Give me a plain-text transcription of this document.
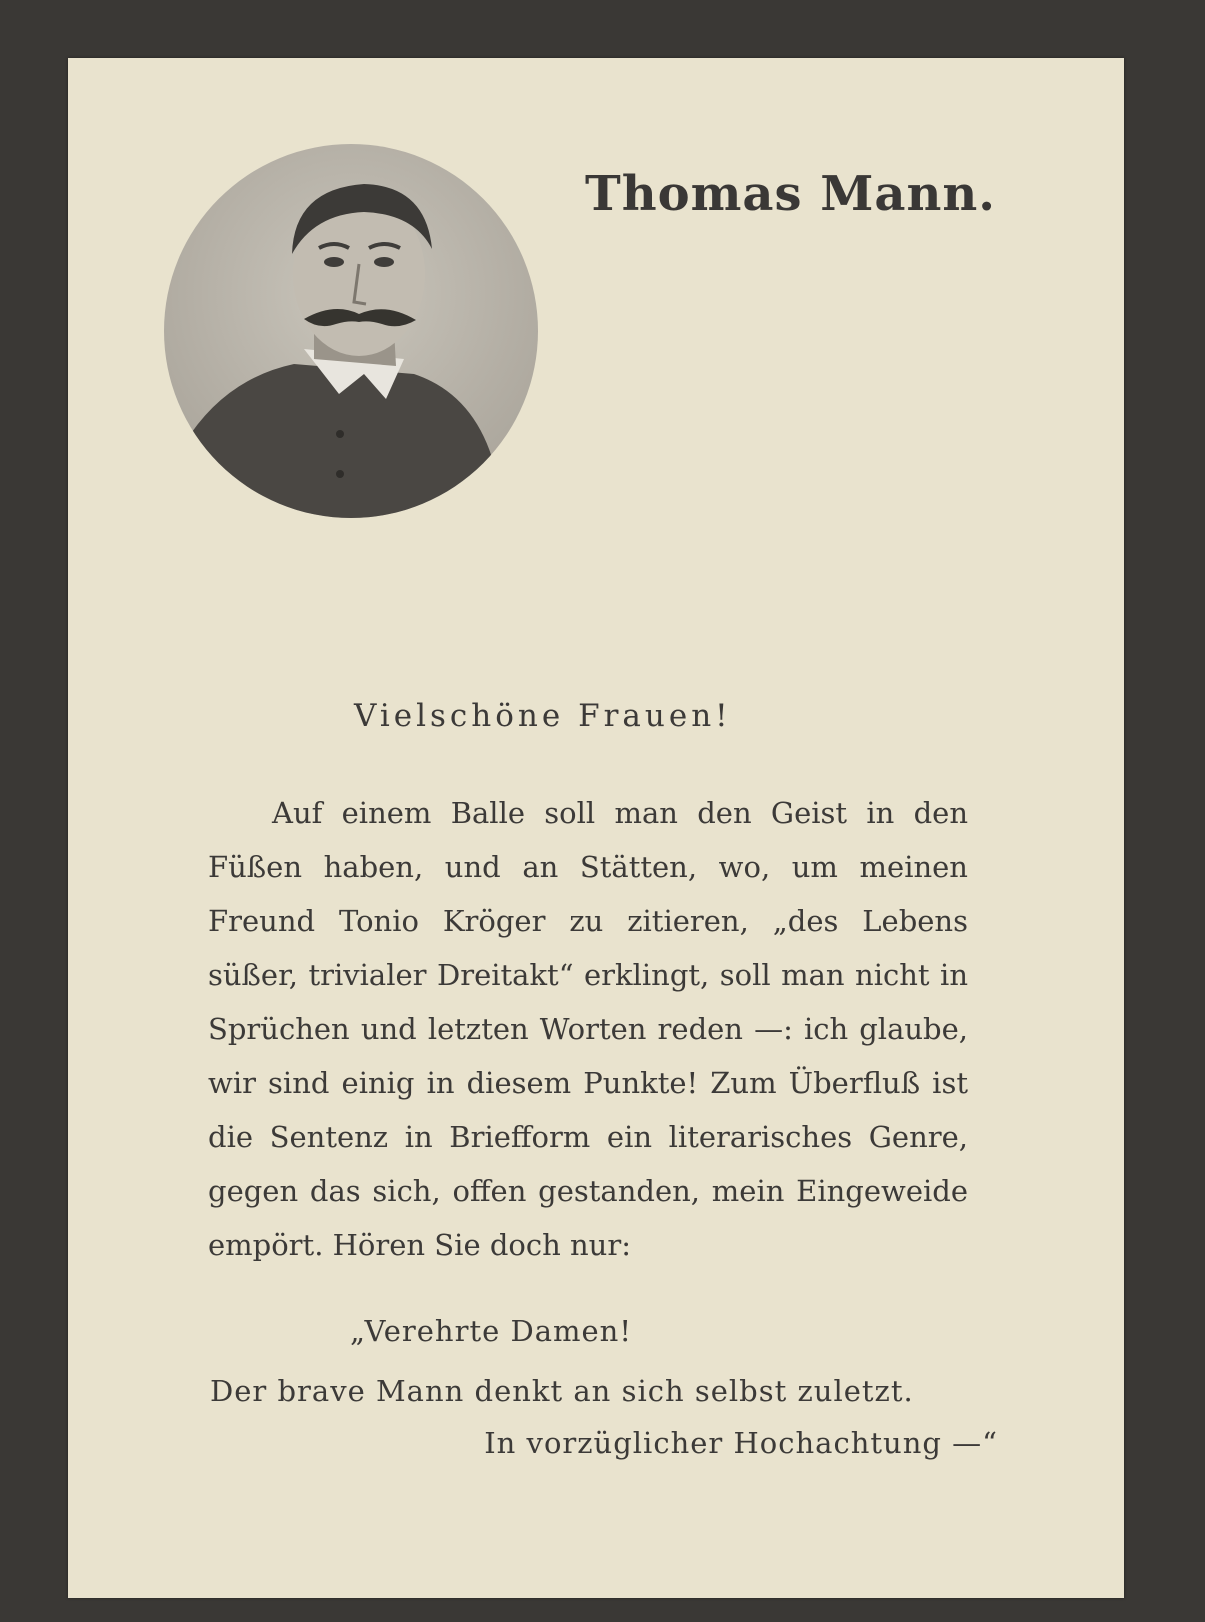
Thomas Mann.
Vielschöne Frauen!

Auf einem Balle soll man den Geist in den Füßen haben, und an Stätten, wo, um meinen Freund Tonio Kröger zu zitieren, „des Lebens süßer, trivialer Dreitakt“ erklingt, soll man nicht in Sprüchen und letzten Worten reden —: ich glaube, wir sind einig in diesem Punkte! Zum Überfluß ist die Sentenz in Briefform ein literarisches Genre, gegen das sich, offen gestanden, mein Eingeweide empört. Hören Sie doch nur:

„Verehrte Damen!
Der brave Mann denkt an sich selbst zuletzt.
In vorzüglicher Hochachtung —“
